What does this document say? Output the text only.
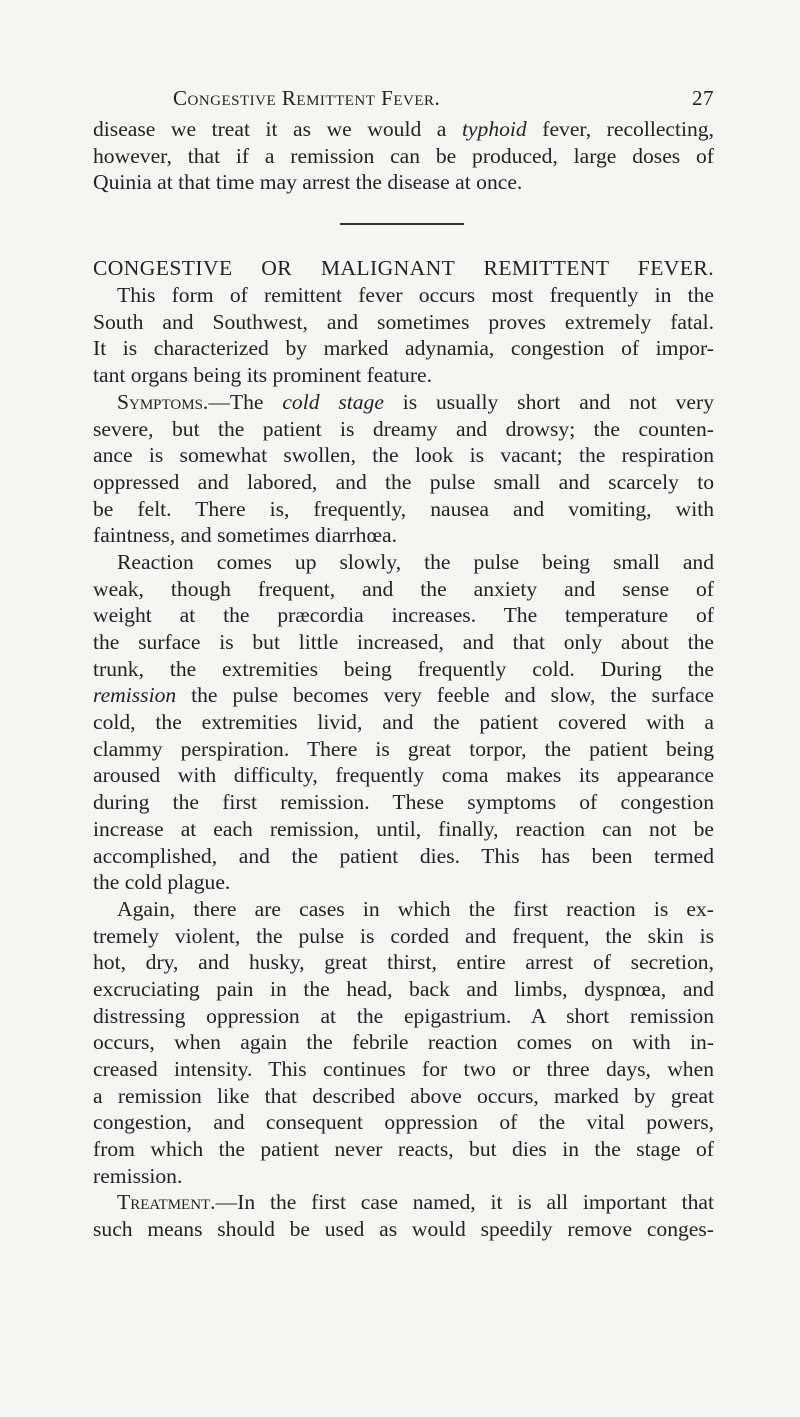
Congestive Remittent Fever.	27
disease we treat it as we would a typhoid fever, recollecting,
however, that if a remission can be produced, large doses of
Quinia at that time may arrest the disease at once.
CONGESTIVE OR MALIGNANT REMITTENT FEVER.
This form of remittent fever occurs most frequently in the
South and Southwest, and sometimes proves extremely fatal.
It is characterized by marked adynamia, congestion of impor-
tant organs being its prominent feature.
Symptoms.—The cold stage is usually short and not very
severe, but the patient is dreamy and drowsy; the counten-
ance is somewhat swollen, the look is vacant; the respiration
oppressed and labored, and the pulse small and scarcely to
be felt. There is, frequently, nausea and vomiting, with
faintness, and sometimes diarrhœa.
Reaction comes up slowly, the pulse being small and
weak, though frequent, and the anxiety and sense of
weight at the præcordia increases. The temperature of
the surface is but little increased, and that only about the
trunk, the extremities being frequently cold. During the
remission the pulse becomes very feeble and slow, the surface
cold, the extremities livid, and the patient covered with a
clammy perspiration. There is great torpor, the patient being
aroused with difficulty, frequently coma makes its appearance
during the first remission. These symptoms of congestion
increase at each remission, until, finally, reaction can not be
accomplished, and the patient dies. This has been termed
the cold plague.
Again, there are cases in which the first reaction is ex-
tremely violent, the pulse is corded and frequent, the skin is
hot, dry, and husky, great thirst, entire arrest of secretion,
excruciating pain in the head, back and limbs, dyspnœa, and
distressing oppression at the epigastrium. A short remission
occurs, when again the febrile reaction comes on with in-
creased intensity. This continues for two or three days, when
a remission like that described above occurs, marked by great
congestion, and consequent oppression of the vital powers,
from which the patient never reacts, but dies in the stage of
remission.
Treatment.—In the first case named, it is all important that
such means should be used as would speedily remove conges-
